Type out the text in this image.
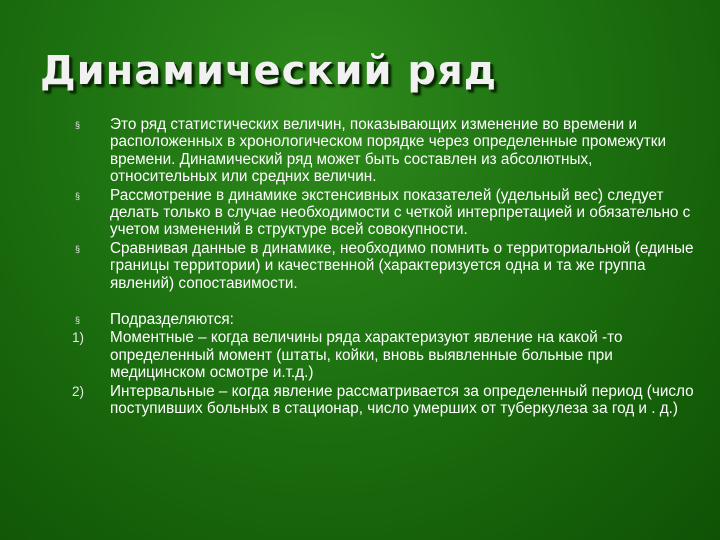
Динамический ряд
§	Это ряд статистических величин, показывающих изменение во времени и расположенных в хронологическом порядке через определенные промежутки времени. Динамический ряд может быть составлен из абсолютных, относительных или средних величин.
§	Рассмотрение в динамике экстенсивных показателей (удельный вес) следует делать только в случае необходимости с четкой интерпретацией и обязательно с учетом изменений в структуре всей совокупности.
§	Сравнивая данные в динамике, необходимо помнить о территориальной (единые границы территории) и качественной (характеризуется одна и та же группа явлений) сопоставимости.
§	Подразделяются:
1)	Моментные – когда величины ряда характеризуют явление на какой -то определенный момент (штаты, койки, вновь выявленные больные при медицинском осмотре и.т.д.)
2)	Интервальные – когда явление рассматривается за определенный период (число поступивших больных в стационар, число умерших от туберкулеза за год и . д.)
